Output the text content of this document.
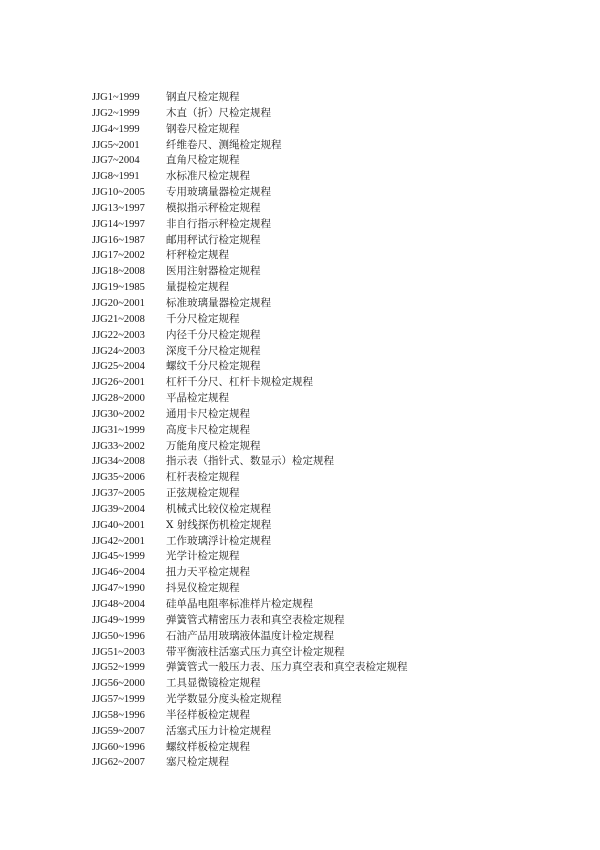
JJG1~1999	钢直尺检定规程
JJG2~1999	木直（折）尺检定规程
JJG4~1999	钢卷尺检定规程
JJG5~2001	纤维卷尺、测绳检定规程
JJG7~2004	直角尺检定规程
JJG8~1991	水标准尺检定规程
JJG10~2005	专用玻璃量器检定规程
JJG13~1997	模拟指示秤检定规程
JJG14~1997	非自行指示秤检定规程
JJG16~1987	邮用秤试行检定规程
JJG17~2002	杆秤检定规程
JJG18~2008	医用注射器检定规程
JJG19~1985	量提检定规程
JJG20~2001	标准玻璃量器检定规程
JJG21~2008	千分尺检定规程
JJG22~2003	内径千分尺检定规程
JJG24~2003	深度千分尺检定规程
JJG25~2004	螺纹千分尺检定规程
JJG26~2001	杠杆千分尺、杠杆卡规检定规程
JJG28~2000	平晶检定规程
JJG30~2002	通用卡尺检定规程
JJG31~1999	高度卡尺检定规程
JJG33~2002	万能角度尺检定规程
JJG34~2008	指示表（指针式、数显示）检定规程
JJG35~2006	杠杆表检定规程
JJG37~2005	正弦规检定规程
JJG39~2004	机械式比较仪检定规程
JJG40~2001	X 射线探伤机检定规程
JJG42~2001	工作玻璃浮计检定规程
JJG45~1999	光学计检定规程
JJG46~2004	扭力天平检定规程
JJG47~1990	抖晃仪检定规程
JJG48~2004	硅单晶电阻率标准样片检定规程
JJG49~1999	弹簧管式精密压力表和真空表检定规程
JJG50~1996	石油产品用玻璃液体温度计检定规程
JJG51~2003	带平衡液柱活塞式压力真空计检定规程
JJG52~1999	弹簧管式一般压力表、压力真空表和真空表检定规程
JJG56~2000	工具显微镜检定规程
JJG57~1999	光学数显分度头检定规程
JJG58~1996	半径样板检定规程
JJG59~2007	活塞式压力计检定规程
JJG60~1996	螺纹样板检定规程
JJG62~2007	塞尺检定规程
